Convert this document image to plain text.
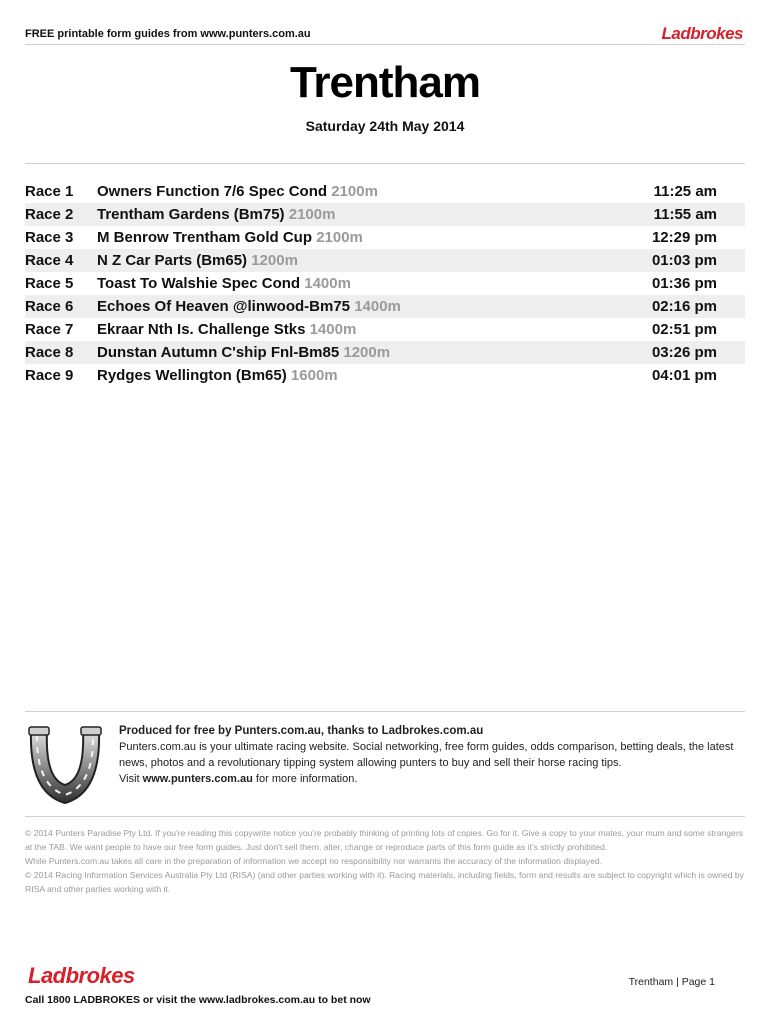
FREE printable form guides from www.punters.com.au	Ladbrokes
Trentham
Saturday 24th May 2014
Race 1	Owners Function 7/6 Spec Cond 2100m	11:25 am
Race 2	Trentham Gardens (Bm75) 2100m	11:55 am
Race 3	M Benrow Trentham Gold Cup 2100m	12:29 pm
Race 4	N Z Car Parts (Bm65) 1200m	01:03 pm
Race 5	Toast To Walshie Spec Cond 1400m	01:36 pm
Race 6	Echoes Of Heaven @linwood-Bm75 1400m	02:16 pm
Race 7	Ekraar Nth Is. Challenge Stks 1400m	02:51 pm
Race 8	Dunstan Autumn C'ship Fnl-Bm85 1200m	03:26 pm
Race 9	Rydges Wellington (Bm65) 1600m	04:01 pm
Produced for free by Punters.com.au, thanks to Ladbrokes.com.au
Punters.com.au is your ultimate racing website. Social networking, free form guides, odds comparison, betting deals, the latest news, photos and a revolutionary tipping system allowing punters to buy and sell their horse racing tips.
Visit www.punters.com.au for more information.

© 2014 Punters Paradise Pty Ltd. If you're reading this copywrite notice you're probably thinking of printing lots of copies. Go for it. Give a copy to your mates, your mum and some strangers at the TAB. We want people to have our free form guides. Just don't sell them, alter, change or reproduce parts of this form guide as it's strictly prohibited.

While Punters.com.au takes all care in the preparation of information we accept no responsibility nor warrants the accuracy of the information displayed.

© 2014 Racing Information Services Australia Pty Ltd (RISA) (and other parties working with it). Racing materials, including fields, form and results are subject to copyright which is owned by RISA and other parties working with it.

Ladbrokes	Trentham | Page 1
Call 1800 LADBROKES or visit the www.ladbrokes.com.au to bet now
